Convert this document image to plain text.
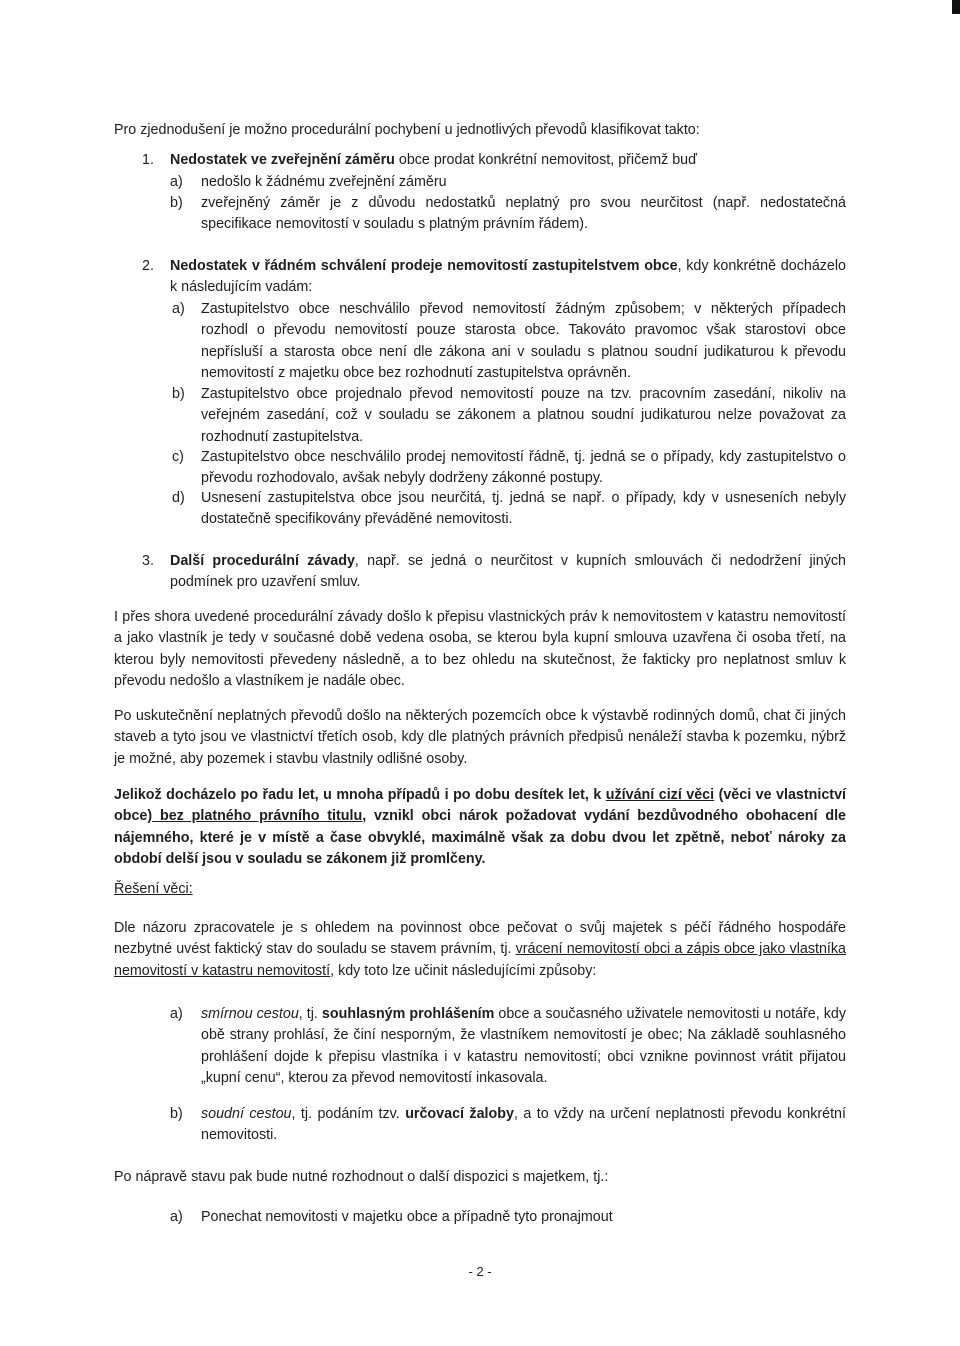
Pro zjednodušení je možno procedurální pochybení u jednotlivých převodů klasifikovat takto:

1. Nedostatek ve zveřejnění záměru obce prodat konkrétní nemovitost, přičemž buď
a) nedošlo k žádnému zveřejnění záměru
b) zveřejněný záměr je z důvodu nedostatků neplatný pro svou neurčitost (např. nedostatečná specifikace nemovitostí v souladu s platným právním řádem).
2. Nedostatek v řádném schválení prodeje nemovitostí zastupitelstvem obce, kdy konkrétně docházelo k následujícím vadám:
a) Zastupitelstvo obce neschválilo převod nemovitostí žádným způsobem; v některých případech rozhodl o převodu nemovitostí pouze starosta obce. Takováto pravomoc však starostovi obce nepřísluší a starosta obce není dle zákona ani v souladu s platnou soudní judikaturou k převodu nemovitostí z majetku obce bez rozhodnutí zastupitelstva oprávněn.
b) Zastupitelstvo obce projednalo převod nemovitostí pouze na tzv. pracovním zasedání, nikoliv na veřejném zasedání, což v souladu se zákonem a platnou soudní judikaturou nelze považovat za rozhodnutí zastupitelstva.
c) Zastupitelstvo obce neschválilo prodej nemovitostí řádně, tj. jedná se o případy, kdy zastupitelstvo o převodu rozhodovalo, avšak nebyly dodrženy zákonné postupy.
d) Usnesení zastupitelstva obce jsou neurčitá, tj. jedná se např. o případy, kdy v usneseních nebyly dostatečně specifikovány převáděné nemovitosti.
3. Další procedurální závady, např. se jedná o neurčitost v kupních smlouvách či nedodržení jiných podmínek pro uzavření smluv.

I přes shora uvedené procedurální závady došlo k přepisu vlastnických práv k nemovitostem v katastru nemovitostí a jako vlastník je tedy v současné době vedena osoba, se kterou byla kupní smlouva uzavřena či osoba třetí, na kterou byly nemovitosti převedeny následně, a to bez ohledu na skutečnost, že fakticky pro neplatnost smluv k převodu nedošlo a vlastníkem je nadále obec.

Po uskutečnění neplatných převodů došlo na některých pozemcích obce k výstavbě rodinných domů, chat či jiných staveb a tyto jsou ve vlastnictví třetích osob, kdy dle platných právních předpisů nenáleží stavba k pozemku, nýbrž je možné, aby pozemek i stavbu vlastnily odlišné osoby.

Jelikož docházelo po řadu let, u mnoha případů i po dobu desítek let, k užívání cizí věci (věci ve vlastnictví obce) bez platného právního titulu, vznikl obci nárok požadovat vydání bezdůvodného obohacení dle nájemného, které je v místě a čase obvyklé, maximálně však za dobu dvou let zpětně, neboť nároky za období delší jsou v souladu se zákonem již promlčeny.

Řešení věci:

Dle názoru zpracovatele je s ohledem na povinnost obce pečovat o svůj majetek s péčí řádného hospodáře nezbytné uvést faktický stav do souladu se stavem právním, tj. vrácení nemovitostí obci a zápis obce jako vlastníka nemovitostí v katastru nemovitostí, kdy toto lze učinit následujícími způsoby:

a) smírnou cestou, tj. souhlasným prohlášením obce a současného uživatele nemovitosti u notáře, kdy obě strany prohlásí, že činí nesporným, že vlastníkem nemovitostí je obec; Na základě souhlasného prohlášení dojde k přepisu vlastníka i v katastru nemovitostí; obci vznikne povinnost vrátit přijatou „kupní cenu“, kterou za převod nemovitostí inkasovala.
b) soudní cestou, tj. podáním tzv. určovací žaloby, a to vždy na určení neplatnosti převodu konkrétní nemovitosti.

Po nápravě stavu pak bude nutné rozhodnout o další dispozici s majetkem, tj.:

a) Ponechat nemovitosti v majetku obce a případně tyto pronajmout
- 2 -
